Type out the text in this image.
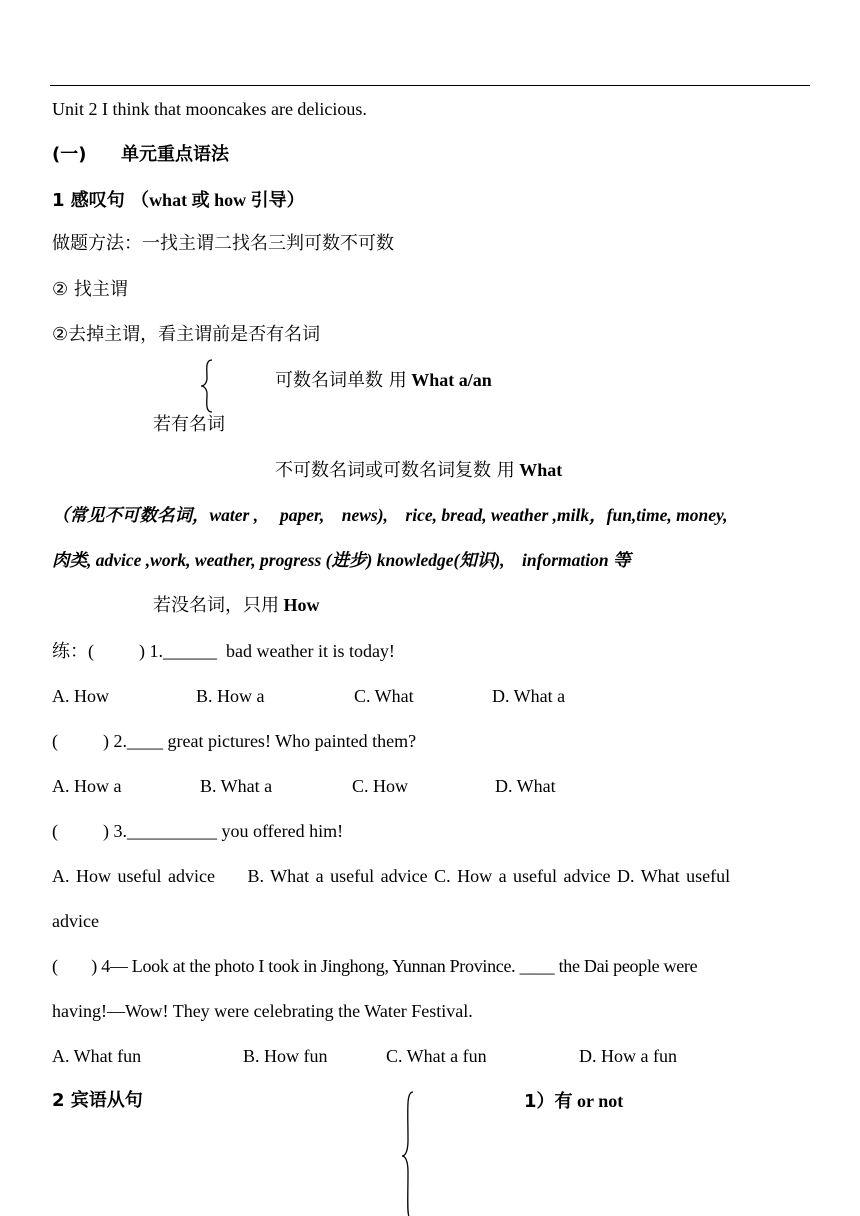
Unit 2 I think that mooncakes are delicious.
(一) 单元重点语法
1 感叹句 （what 或 how 引导）
做题方法：一找主谓二找名三判可数不可数
② 找主谓
②去掉主谓，看主谓前是否有名词
可数名词单数 用 What a/an
若有名词
不可数名词或可数名词复数 用 What
（常见不可数名词，water ,     paper,    news),    rice, bread, weather ,milk，fun,time, money,
肉类, advice ,work, weather, progress (进步) knowledge(知识),    information 等
若没名词，只用 How
练：(          ) 1.______  bad weather it is today!
A. How	B. How a	C. What	D. What a
(          ) 2.____ great pictures! Who painted them?
A. How a	B. What a	C. How	D. What
(          ) 3.__________ you offered him!
A. How useful advice     B. What a useful advice C. How a useful advice D. What useful
advice
(        ) 4— Look at the photo I took in Jinghong, Yunnan Province. ____ the Dai people were
having!—Wow! They were celebrating the Water Festival.
A. What fun	B. How fun	C. What a fun	D. How a fun
2 宾语从句	1）有 or not
